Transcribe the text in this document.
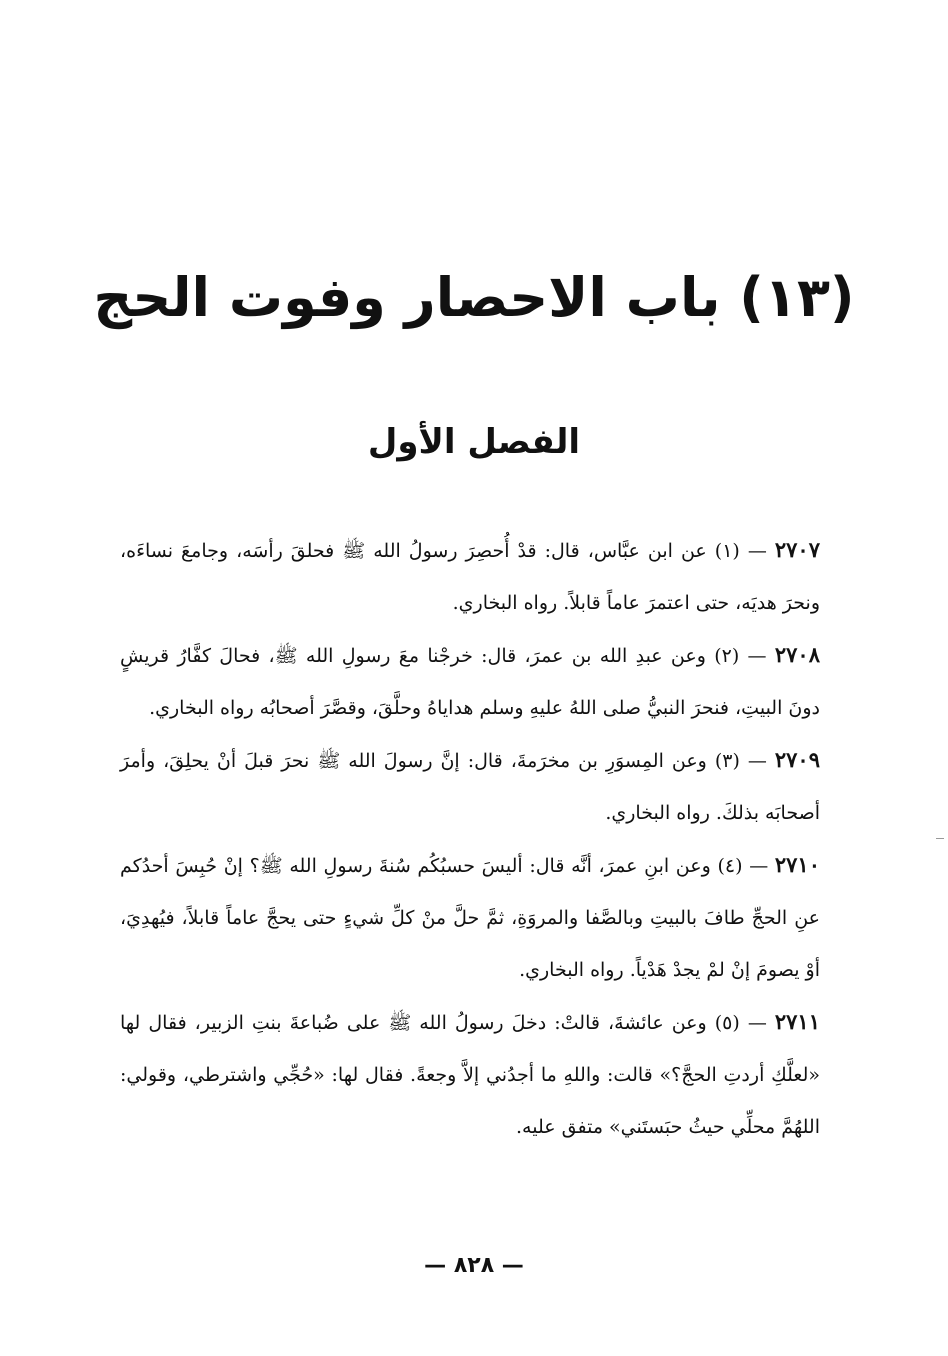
(١٣) باب الاحصار وفوت الحج
الفصل الأول

٢٧٠٧ — (١) عن ابن عبَّاس، قال: قدْ أُحصِرَ رسولُ الله ﷺ فحلقَ رأسَه، وجامعَ نساءَه، ونحرَ هديَه، حتى اعتمرَ عاماً قابلاً. رواه البخاري.

٢٧٠٨ — (٢) وعن عبدِ الله بن عمرَ، قال: خرجْنا معَ رسولِ الله ﷺ، فحالَ كفَّارُ قريشٍ دونَ البيتِ، فنحرَ النبيُّ صلى اللهُ عليهِ وسلم هداياهُ وحلَّقَ، وقصَّرَ أصحابُه رواه البخاري.

٢٧٠٩ — (٣) وعن المِسوَرِ بن مخرَمةَ، قال: إنَّ رسولَ الله ﷺ نحرَ قبلَ أنْ يحلِقَ، وأمرَ أصحابَه بذلكَ. رواه البخاري.

٢٧١٠ — (٤) وعن ابنِ عمرَ، أنَّه قال: أليسَ حسبُكُم سُنةَ رسولِ الله ﷺ؟ إنْ حُبِسَ أحدُكم عنِ الحجِّ طافَ بالبيتِ وبالصَّفا والمروَةِ، ثمَّ حلَّ منْ كلِّ شيءٍ حتى يحجَّ عاماً قابلاً، فيُهدِيَ، أوْ يصومَ إنْ لمْ يجدْ هَدْياً. رواه البخاري.

٢٧١١ — (٥) وعن عائشةَ، قالتْ: دخلَ رسولُ الله ﷺ على ضُباعةَ بنتِ الزبير، فقال لها «لعلَّكِ أردتِ الحجَّ؟» قالت: واللهِ ما أجدُني إلاَّ وجعةً. فقال لها: «حُجِّي واشترطي، وقولي: اللهُمَّ محلِّي حيثُ حبَستَني» متفق عليه.

— ٨٢٨ —
